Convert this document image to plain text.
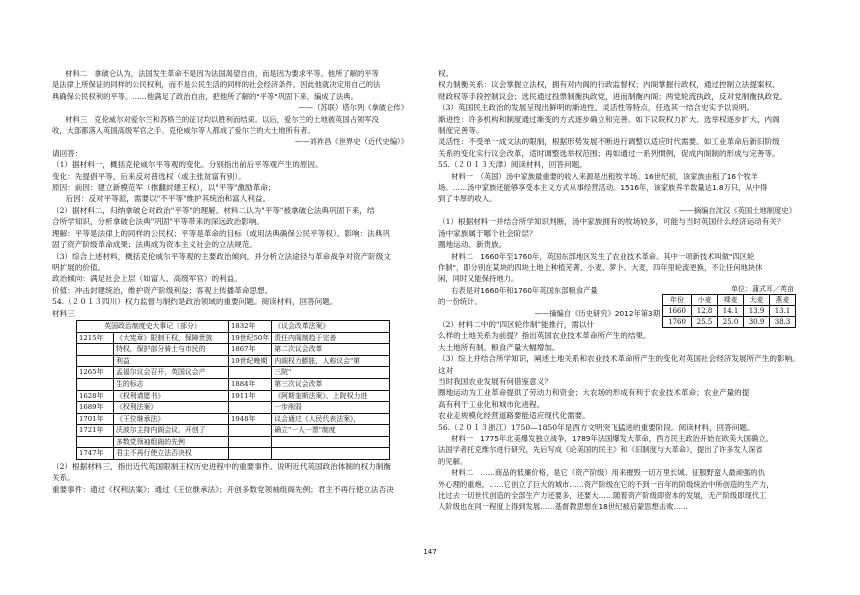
材料二　拿破仑认为，法国发生革命不是因为法国渴望自由，而是因为要求平等。他所了解的平等

是法律上所保证的同样的公民权利，而不是公民生活的同样的社会经济条件。因此他就决定用自己的法

典确保公民权利的平等。……他满足了政治自由，把他所了解的"平等"巩固下来，编成了法典。

——（苏联）塔尔列《拿破仑传》

材料三　克伦威尔对爱尔兰和苏格兰的征讨均以胜利而结束。以后，爱尔兰的土地被英国占领军没

收，大部都落入英国高级军官之手。克伦威尔等人都成了爱尔兰的大土地所有者。

——刘祚昌《世界史（近代史编）》

请回答：

（1）据材料一，概括克伦威尔平等观的变化。分别指出前后平等观产生的原因。

变化：先提倡平等，后来反对普选权（或主张贫富有别）。

原因：前因：建立新模范军（推翻封建王权），以"平等"激励革命；

后因：反对平等派，需要以"不平等"维护其统治和富人利益。

（2）据材料二，归纳拿破仑对政治"平等"的理解。材料二认为"平等"被拿破仑法典巩固下来，结

合所学知识，分析拿破仑法典"巩固"平等带来的深远政治影响。

理解：平等是法律上的同样的公民权；平等是革命的目标（或用法典确保公民平等权）。影响：法典巩

固了资产阶级革命成果；法典成为资本主义社会的立法规范。

（3）综合上述材料，概括克伦威尔平等观的主要政治倾向，并分析立法途径与革命战争对资产阶级文

明扩展的价值。

政治倾向：满足社会上层（如富人、高级军官）的利益。

价值：冲击封建统治，维护资产阶级利益；客观上传播革命思想。

54.（２０１３四川）权力监督与制约是政治领域的重要问题。阅读材料，回答问题。

材料三

英国政治制度史大事记（部分）		1832年	《议会改革法案》
1215年	《大宪章》限制王权，保障贵族	19世纪50年	责任内阁制趋于完善
	特权，保护部分骑士与市民的	1867年	第二次议会改革
	利益	19世纪晚期	内阁权力膨胀，人称议会"第
1265年	孟福尔议会召开，英国议会产		三院"
	生的标志	1884年	第三次议会改革
1628年	《权利请愿书》	1911年	《阿斯奎斯法案》，上院权力进
1689年	《权利法案》		一步削弱
1701年	《王位继承法》	1948年	议会通过《人民代表法案》，
1721年	沃波尔主持内阁会议，开创了		确立"一人一票"制度
	多数党领袖组阁的先例		
1747年	君主不再行使立法否决权		

（2）根据材料三，指出近代英国限制王权历史进程中的重要事件。说明近代英国政治体制的权力制衡

关系。

重要事件：通过《权利法案》；通过《王位继承法》；开创多数党领袖组阁先例；君主不再行使立法否决

权。

权力制衡关系：议会掌握立法权，拥有对内阁的行政监督权；内阁掌握行政权，通过控制立法提案权、

财政权等手段控制议会；选民通过投票制衡执政党，进而制衡内阁；两党轮流执政，反对党制衡执政党。

（3）英国民主政治的发展呈现出鲜明的渐进性、灵活性等特点，任选其一结合史实予以说明。

渐进性：许多机构和制度通过渐变的方式逐步确立和完善。如下议院权力扩大、选举权逐步扩大、内阁

制度完善等。

灵活性：不受单一成文法的限制，根据形势发展不断进行调整以适应时代需要。如工业革命后新旧阶级

关系的变化实行议会改革，适时调整选举权范围；再如通过一系列惯例，促成内阁制的形成与完善等。

55.（２０１３天津）阅读材料，回答问题。

材料一　（英国）汤中家族最重要的收入来源是出租牧羊场。16世纪初，该家族由租了16个牧羊

场。……汤中家族还能够享受本主义方式从事经营活动。1516年，该家族养羊数量达1.8万只，从中得

到了丰厚的收入。

——摘编自沈汉《英国土地制度史》

（1）根据材料一并结合所学知识判断，汤中家族拥有的牧场较多，可能与当时英国什么经济运动有关？

汤中家族属于哪个社会阶层？

圈地运动。新贵族。

材料二　1660年至1760年，英国东部地区发生了农业技术革命。其中一项新技术叫做"四区轮

作制"，即分别在某块的四块土地上种植芜菁、小麦、萝卜、大麦，四年里轮流更换，不让任何地块休

闲，同时又能保持地力。

右表是对1660年和1760年英国东部粮食产量

的一份统计。

——摘编自《历史研究》2012年第3期

（2）材料二中的"四区轮作制"能推行，需以什

单位：蒲式耳／英亩
年份	小麦	裸麦	大麦	燕麦
1660	12.8	14.1	13.9	13.1
1760	25.5	25.0	30.9	38.3

么样的土地关系为前提？指出英国农业技术革命所产生的结果。

大土地所有制。粮食产量大幅增加。

（3）综上并结合所学知识，阐述土地关系和农业技术革命所产生的变化对英国社会经济发展所产生的影响。这对

当时我国农业发展有何借鉴意义？

圈地运动为工业革命提供了劳动力和资金；大农场的形成有利于农业技术革命；农业产量的提

高有利于工业化和城市化进程。

农业走规模化经营道路要能适应现代化需要。

56.（２０１３浙江）1750—1850年是西方文明突飞猛进的重要阶段。阅读材料，回答问题。

材料一　1775年北美爆发独立战争，1789年法国爆发大革命，西方民主政治开始在欧美大国确立。

法国学者托克维尔进行研究，先后写成《论美国的民主》和《旧制度与大革命》，提出了许多发人深省

的见解。

材料二　……商品的低廉价格，是它（资产阶级）用来摧毁一切万里长城、征服野蛮人最顽强的仇

外心理的重炮。……它创立了巨大的城市……资产阶级在它的不到一百年的阶级统治中所创造的生产力，

比过去一切世代创造的全部生产力还要多，还要大……随着资产阶级即资本的发展，无产阶级即现代工

人阶级也在同一程度上得到发展……基督教思想在18世纪被启蒙思想击败……

147
